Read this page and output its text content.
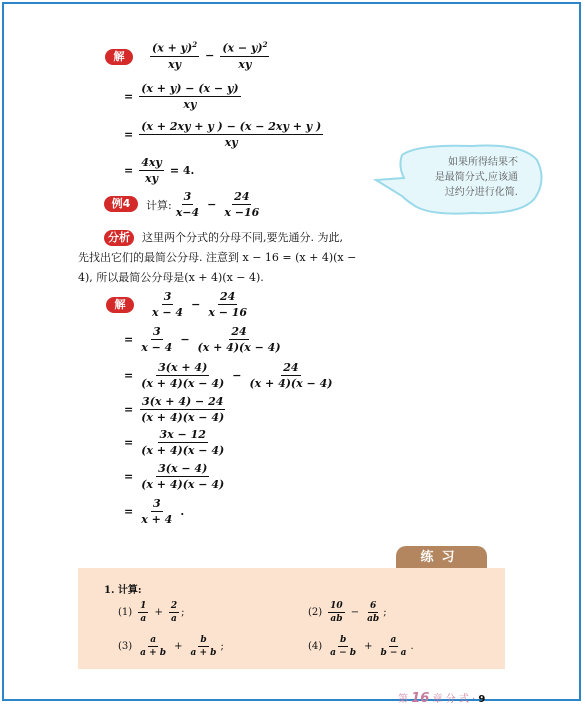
解	$\frac{(x + y)^2}{xy} - \frac{(x - y)^2}{xy}$
= $\frac{(x + y) - (x - y)}{xy}$
= $\frac{(x + 2xy + y ) - (x - 2xy + y )}{xy}$
= $\frac{4xy}{xy} = 4$.
如果所得结果不
是最简分式,应该通
过约分进行化简.
例4	计算: $\frac{3}{x-4} - \frac{24}{x -16}$
分析	这里两个分式的分母不同,要先通分. 为此,
先找出它们的最简公分母. 注意到 x − 16 = (x + 4)(x −
4), 所以最简公分母是(x + 4)(x − 4).
解	$\frac{3}{x - 4} - \frac{24}{x - 16}$
= $\frac{3}{x - 4} - \frac{24}{(x + 4)(x - 4)}$
= $\frac{3(x + 4)}{(x + 4)(x - 4)} - \frac{24}{(x + 4)(x - 4)}$
= $\frac{3(x + 4) - 24}{(x + 4)(x - 4)}$
= $\frac{3x - 12}{(x + 4)(x - 4)}$
= $\frac{3(x - 4)}{(x + 4)(x - 4)}$
= $\frac{3}{x + 4}$ .
练习
1. 计算:
$(1) \frac{1}{a} + \frac{2}{a}$ ;	$(2) \frac{10}{ab} - \frac{6}{ab}$ ;
$(3) \frac{a}{a + b} + \frac{b}{a + b}$ ;	$(4) \frac{b}{a - b} + \frac{a}{b - a}$ .
第 16 章 分 式 · 9
